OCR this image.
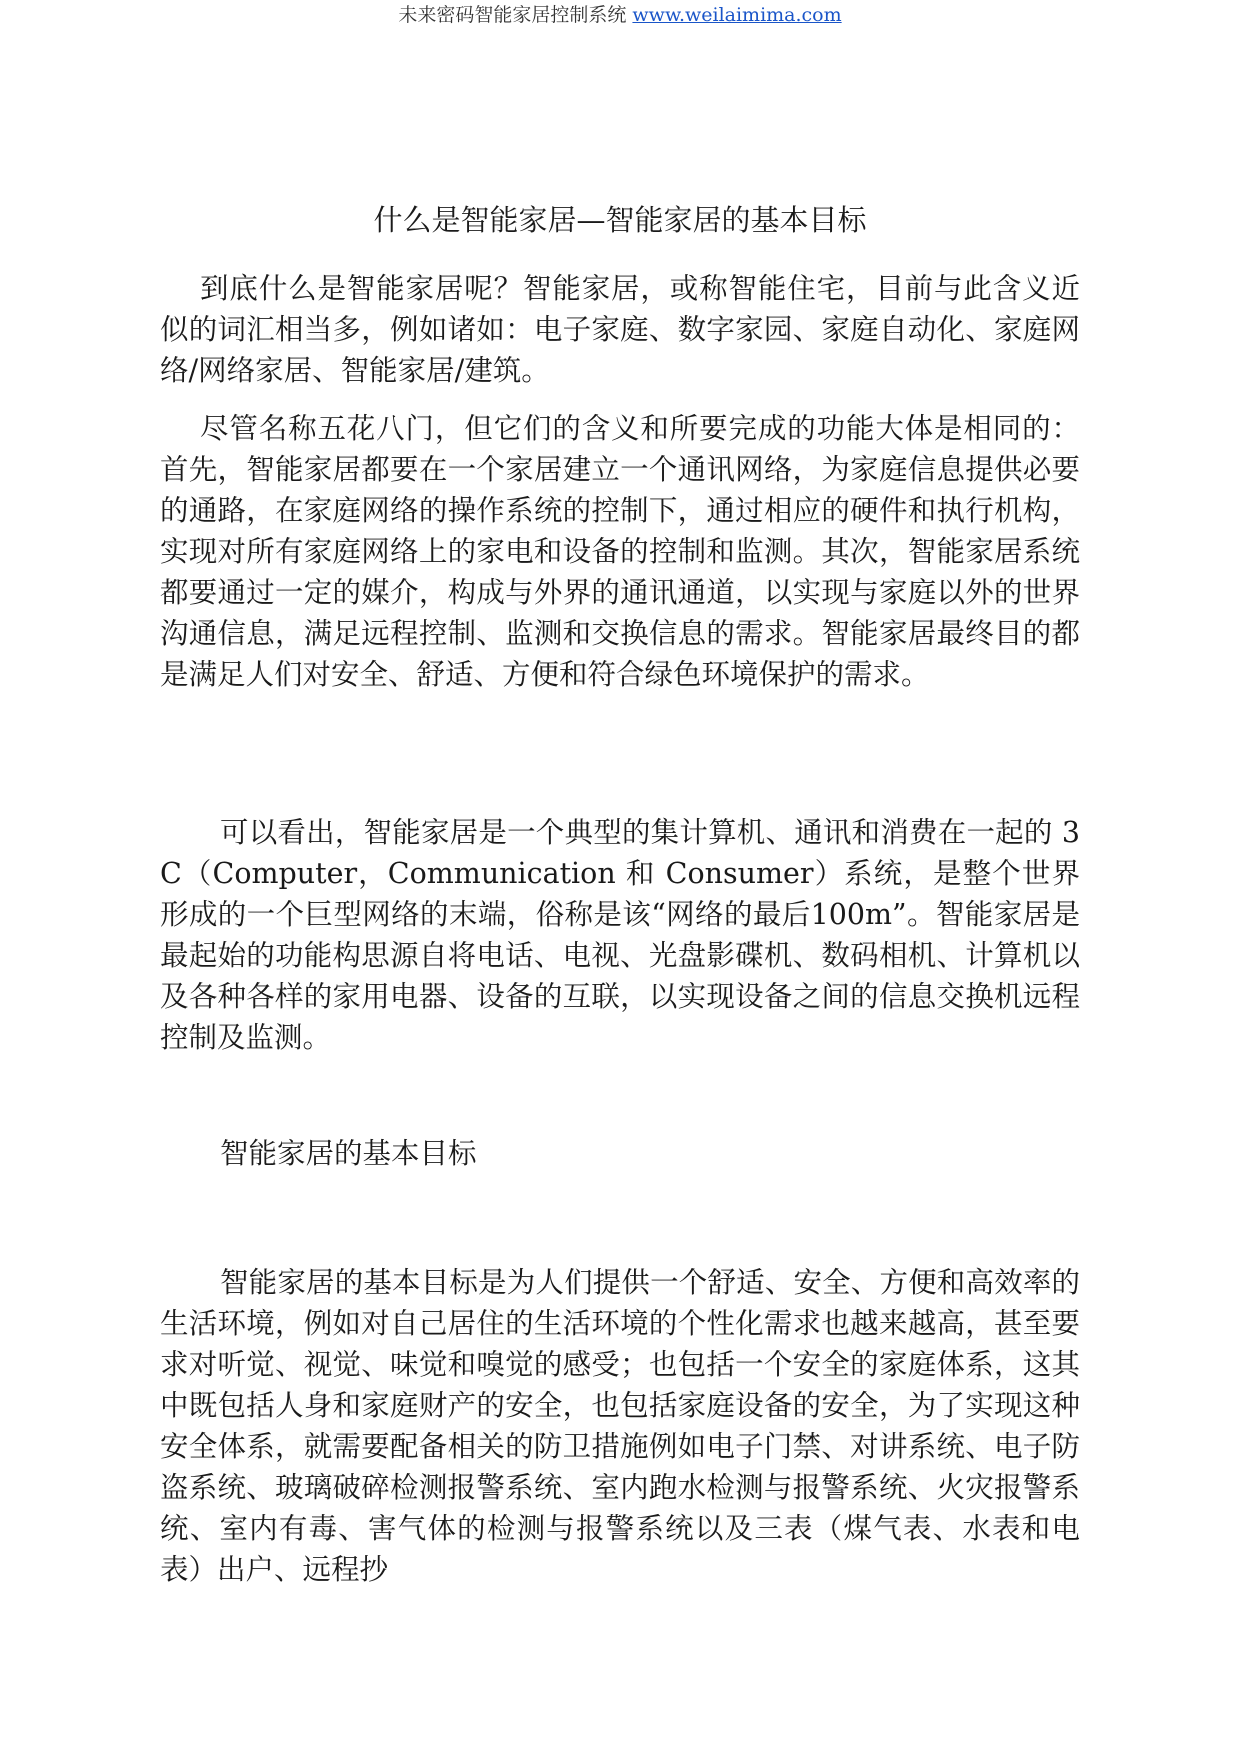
未来密码智能家居控制系统 www.weilaimima.com
什么是智能家居—智能家居的基本目标

到底什么是智能家居呢？智能家居，或称智能住宅，目前与此含义近似的词汇相当多，例如诸如：电子家庭、数字家园、家庭自动化、家庭网络/网络家居、智能家居/建筑。

尽管名称五花八门，但它们的含义和所要完成的功能大体是相同的：首先，智能家居都要在一个家居建立一个通讯网络，为家庭信息提供必要的通路，在家庭网络的操作系统的控制下，通过相应的硬件和执行机构，实现对所有家庭网络上的家电和设备的控制和监测。其次，智能家居系统都要通过一定的媒介，构成与外界的通讯通道，以实现与家庭以外的世界沟通信息，满足远程控制、监测和交换信息的需求。智能家居最终目的都是满足人们对安全、舒适、方便和符合绿色环境保护的需求。

可以看出，智能家居是一个典型的集计算机、通讯和消费在一起的 3C（Computer，Communication 和 Consumer）系统，是整个世界形成的一个巨型网络的末端，俗称是该“网络的最后100m”。智能家居是最起始的功能构思源自将电话、电视、光盘影碟机、数码相机、计算机以及各种各样的家用电器、设备的互联，以实现设备之间的信息交换机远程控制及监测。

智能家居的基本目标

智能家居的基本目标是为人们提供一个舒适、安全、方便和高效率的生活环境，例如对自己居住的生活环境的个性化需求也越来越高，甚至要求对听觉、视觉、味觉和嗅觉的感受；也包括一个安全的家庭体系，这其中既包括人身和家庭财产的安全，也包括家庭设备的安全，为了实现这种安全体系，就需要配备相关的防卫措施例如电子门禁、对讲系统、电子防盗系统、玻璃破碎检测报警系统、室内跑水检测与报警系统、火灾报警系统、室内有毒、害气体的检测与报警系统以及三表（煤气表、水表和电表）出户、远程抄
